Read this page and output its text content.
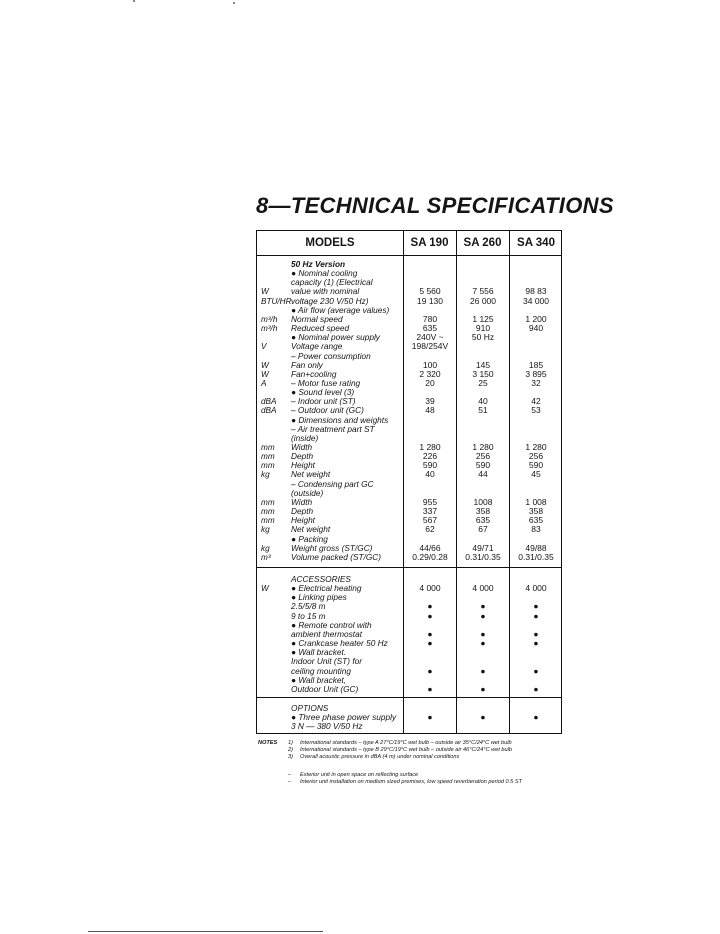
8—TECHNICAL SPECIFICATIONS
MODELS	SA 190	SA 260	SA 340
50 Hz Version
● Nominal cooling
capacity (1) (Electrical
W	value with nominal	5 560	7 556	98 83
BTU/HR voltage 230 V/50 Hz)	19 130	26 000	34 000
● Air flow (average values)
m³/h	Normal speed	780	1 125	1 200
m³/h	Reduced speed	635	910	940
● Nominal power supply	240V ~	50 Hz
V	Voltage range	198/254V
– Power consumption
W	Fan only	100	145	185
W	Fan+cooling	2 320	3 150	3 895
A	– Motor fuse rating	20	25	32
● Sound level (3)
dBA	– Indoor unit (ST)	39	40	42
dBA	– Outdoor unit (GC)	48	51	53
● Dimensions and weights
– Air treatment part ST
(inside)
mm	Width	1 280	1 280	1 280
mm	Depth	226	256	256
mm	Height	590	590	590
kg	Net weight	40	44	45
– Condensing part GC
(outside)
mm	Width	955	1008	1 008
mm	Depth	337	358	358
mm	Height	567	635	635
kg	Net weight	62	67	83
● Packing
kg	Weight gross (ST/GC)	44/66	49/71	49/88
m³	Volume packed (ST/GC)	0.29/0.28	0.31/0.35	0.31/0.35
ACCESSORIES
W	● Electrical heating	4 000	4 000	4 000
● Linking pipes
2.5/5/8 m	●	●	●
9 to 15 m	●	●	●
● Remote control with
ambient thermostat	●	●	●
● Crankcase heater 50 Hz	●	●	●
● Wall bracket.
Indoor Unit (ST) for
ceiling mounting	●	●	●
● Wall bracket,
Outdoor Unit (GC)	●	●	●
OPTIONS
● Three phase power supply	●	●	●
3 N — 380 V/50 Hz
NOTES 1) International standards – type A 27°C/19°C wet bulb – outside air 35°C/24°C wet bulb
2) International standards – type B 29°C/19°C wet bulb – outside air 46°C/24°C wet bulb
3) Overall acoustic pressure in dBA (4 m) under nominal conditions
– Exterior unit in open space on reflecting surface
– Interior unit installation on medium sized premises, low speed reverberation period 0.5 ST
